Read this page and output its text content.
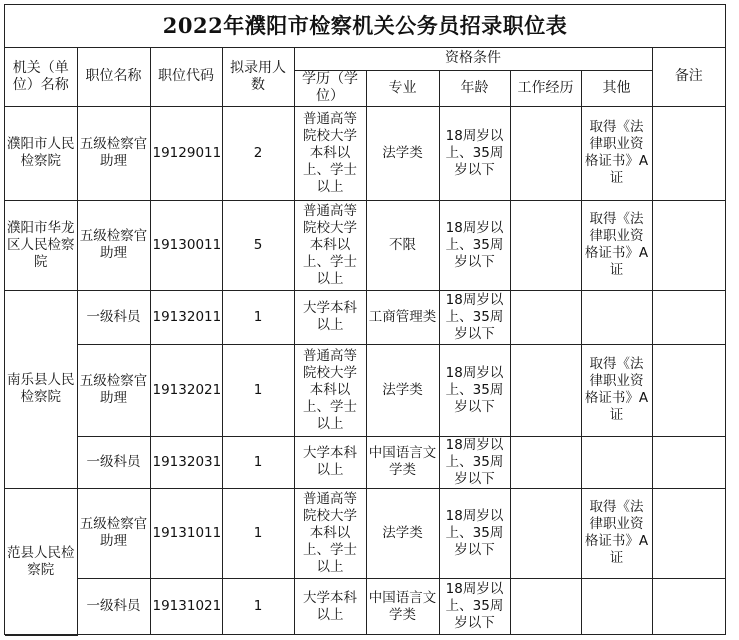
2022年濮阳市检察机关公务员招录职位表
机关（单位）名称	职位名称	职位代码	拟录用人数	资格条件					备注
				学历（学位）	专业	年龄	工作经历	其他	
濮阳市人民检察院	五级检察官助理	19129011	2	普通高等院校大学本科以上、学士以上	法学类	18周岁以上、35周岁以下		取得《法律职业资格证书》A证	
濮阳市华龙区人民检察院	五级检察官助理	19130011	5	普通高等院校大学本科以上、学士以上	不限	18周岁以上、35周岁以下		取得《法律职业资格证书》A证	
南乐县人民检察院	一级科员	19132011	1	大学本科以上	工商管理类	18周岁以上、35周岁以下			
	五级检察官助理	19132021	1	普通高等院校大学本科以上、学士以上	法学类	18周岁以上、35周岁以下		取得《法律职业资格证书》A证	
	一级科员	19132031	1	大学本科以上	中国语言文学类	18周岁以上、35周岁以下			
范县人民检察院	五级检察官助理	19131011	1	普通高等院校大学本科以上、学士以上	法学类	18周岁以上、35周岁以下		取得《法律职业资格证书》A证	
	一级科员	19131021	1	大学本科以上	中国语言文学类	18周岁以上、35周岁以下			
